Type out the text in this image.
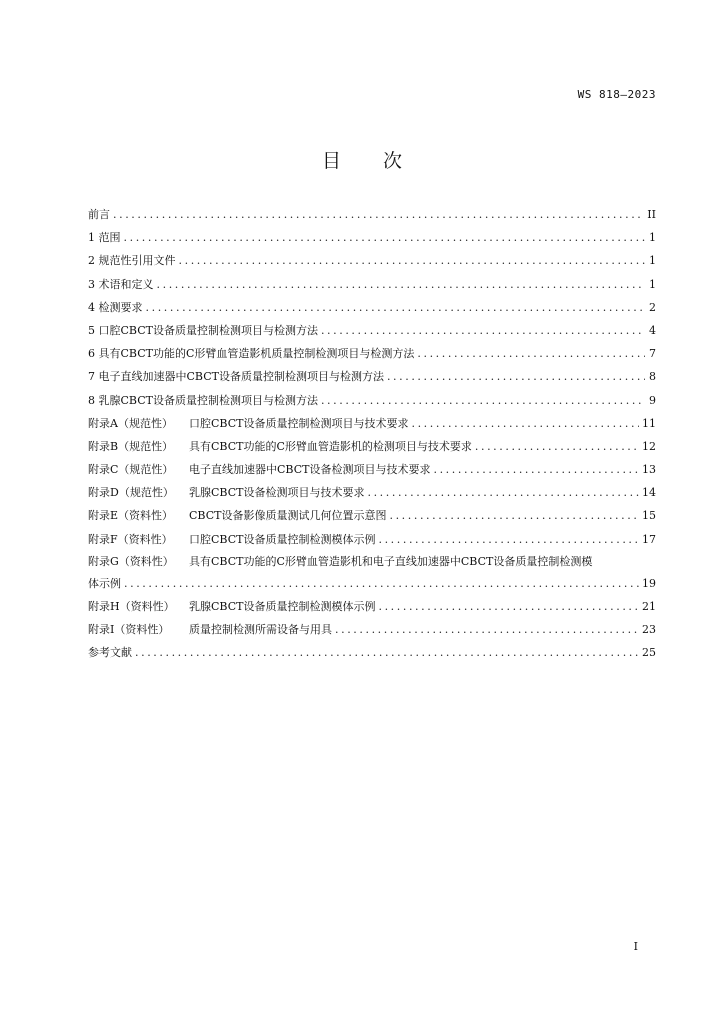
WS 818—2023
目 次
前言 .....	II
1 范围 .....	1
2 规范性引用文件 .....	1
3 术语和定义 .....	1
4 检测要求 .....	2
5 口腔CBCT设备质量控制检测项目与检测方法 .....	4
6 具有CBCT功能的C形臂血管造影机质量控制检测项目与检测方法 .....	7
7 电子直线加速器中CBCT设备质量控制检测项目与检测方法 .....	8
8 乳腺CBCT设备质量控制检测项目与检测方法 .....	9
附录A（规范性） 口腔CBCT设备质量控制检测项目与技术要求 .....	11
附录B（规范性） 具有CBCT功能的C形臂血管造影机的检测项目与技术要求 .....	12
附录C（规范性） 电子直线加速器中CBCT设备检测项目与技术要求 .....	13
附录D（规范性） 乳腺CBCT设备检测项目与技术要求 .....	14
附录E（资料性） CBCT设备影像质量测试几何位置示意图 .....	15
附录F（资料性） 口腔CBCT设备质量控制检测模体示例 .....	17
附录G（资料性） 具有CBCT功能的C形臂血管造影机和电子直线加速器中CBCT设备质量控制检测模
体示例 .....	19
附录H（资料性） 乳腺CBCT设备质量控制检测模体示例 .....	21
附录I（资料性） 质量控制检测所需设备与用具 .....	23
参考文献 .....	25
I
